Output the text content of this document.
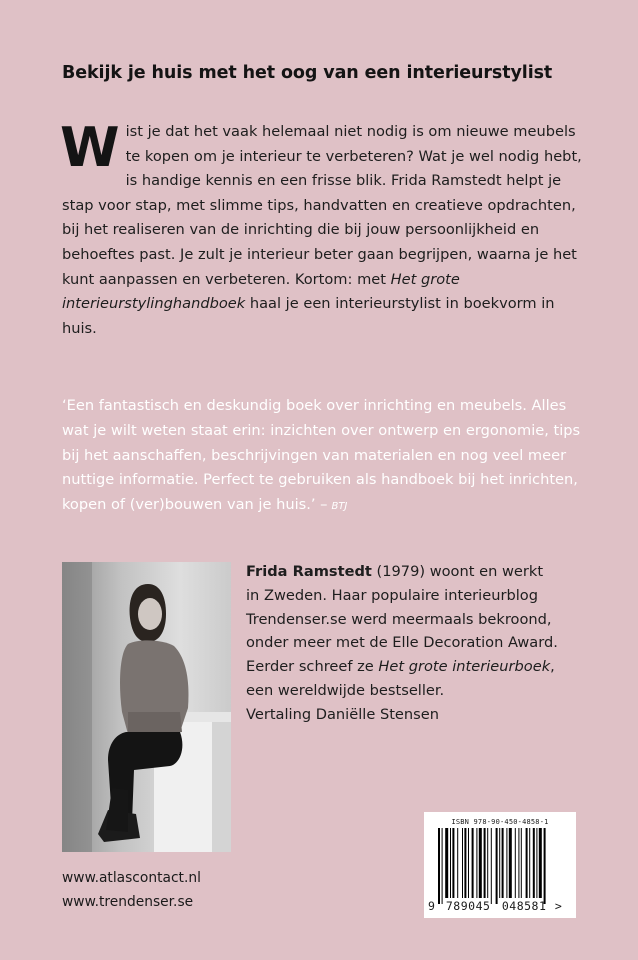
Bekijk je huis met het oog van een interieurstylist
W ist je dat het vaak helemaal niet nodig is om nieuwe meubels
te kopen om je interieur te verbeteren? Wat je wel nodig hebt,
is handige kennis en een frisse blik. Frida Ramstedt helpt je stap voor stap, met slimme tips, handvatten en creatieve opdrachten, bij het realiseren van de inrichting die bij jouw persoonlijkheid en behoeftes past. Je zult je interieur beter gaan begrijpen, waarna je het kunt aanpassen en verbeteren. Kortom: met Het grote interieurstylinghandboek haal je een interieurstylist in boekvorm in huis.

‘Een fantastisch en deskundig boek over inrichting en meubels. Alles wat je wilt weten staat erin: inzichten over ontwerp en ergonomie, tips bij het aanschaffen, beschrijvingen van materialen en nog veel meer nuttige informatie. Perfect te gebruiken als handboek bij het inrichten, kopen of (ver)bouwen van je huis.’ – BTJ
Frida Ramstedt (1979) woont en werkt
in Zweden. Haar populaire interieurblog
Trendenser.se werd meermaals bekroond,
onder meer met de Elle Decoration Award.
Eerder schreef ze Het grote interieurboek,
een wereldwijde bestseller.
Vertaling Daniëlle Stensen
www.atlascontact.nl
www.trendenser.se
ISBN 978-90-450-4858-1
9 789045 048581 >
